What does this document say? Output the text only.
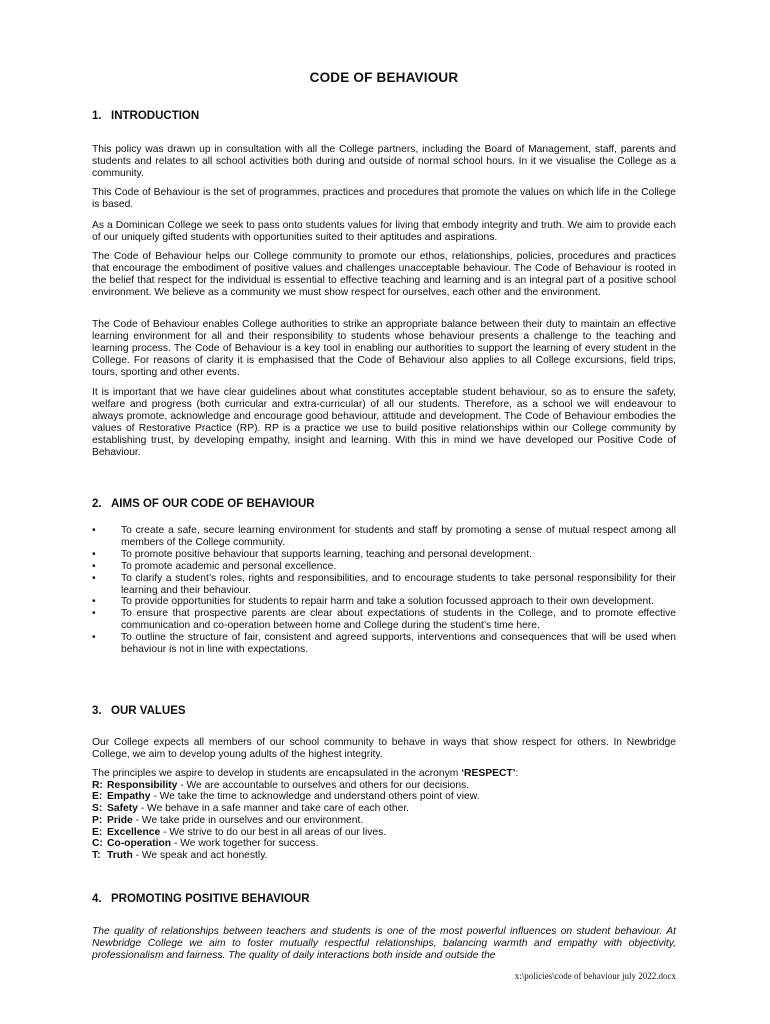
CODE OF BEHAVIOUR
1. INTRODUCTION

This policy was drawn up in consultation with all the College partners, including the Board of Management, staff, parents and students and relates to all school activities both during and outside of normal school hours. In it we visualise the College as a community.

This Code of Behaviour is the set of programmes, practices and procedures that promote the values on which life in the College is based.

As a Dominican College we seek to pass onto students values for living that embody integrity and truth. We aim to provide each of our uniquely gifted students with opportunities suited to their aptitudes and aspirations.

The Code of Behaviour helps our College community to promote our ethos, relationships, policies, procedures and practices that encourage the embodiment of positive values and challenges unacceptable behaviour. The Code of Behaviour is rooted in the belief that respect for the individual is essential to effective teaching and learning and is an integral part of a positive school environment. We believe as a community we must show respect for ourselves, each other and the environment.

The Code of Behaviour enables College authorities to strike an appropriate balance between their duty to maintain an effective learning environment for all and their responsibility to students whose behaviour presents a challenge to the teaching and learning process. The Code of Behaviour is a key tool in enabling our authorities to support the learning of every student in the College. For reasons of clarity it is emphasised that the Code of Behaviour also applies to all College excursions, field trips, tours, sporting and other events.

It is important that we have clear guidelines about what constitutes acceptable student behaviour, so as to ensure the safety, welfare and progress (both curricular and extra-curricular) of all our students. Therefore, as a school we will endeavour to always promote, acknowledge and encourage good behaviour, attitude and development. The Code of Behaviour embodies the values of Restorative Practice (RP). RP is a practice we use to build positive relationships within our College community by establishing trust, by developing empathy, insight and learning. With this in mind we have developed our Positive Code of Behaviour.

2. AIMS OF OUR CODE OF BEHAVIOUR
• To create a safe, secure learning environment for students and staff by promoting a sense of mutual respect among all members of the College community.
• To promote positive behaviour that supports learning, teaching and personal development.
• To promote academic and personal excellence.
• To clarify a student’s roles, rights and responsibilities, and to encourage students to take personal responsibility for their learning and their behaviour.
• To provide opportunities for students to repair harm and take a solution focussed approach to their own development.
• To ensure that prospective parents are clear about expectations of students in the College, and to promote effective communication and co-operation between home and College during the student’s time here.
• To outline the structure of fair, consistent and agreed supports, interventions and consequences that will be used when behaviour is not in line with expectations.
3. OUR VALUES

Our College expects all members of our school community to behave in ways that show respect for others. In Newbridge College, we aim to develop young adults of the highest integrity.

The principles we aspire to develop in students are encapsulated in the acronym ‘RESPECT’:
R: Responsibility - We are accountable to ourselves and others for our decisions.
E: Empathy - We take the time to acknowledge and understand others point of view.
S: Safety - We behave in a safe manner and take care of each other.
P: Pride - We take pride in ourselves and our environment.
E: Excellence - We strive to do our best in all areas of our lives.
C: Co-operation - We work together for success.
T: Truth - We speak and act honestly.
4. PROMOTING POSITIVE BEHAVIOUR

The quality of relationships between teachers and students is one of the most powerful influences on student behaviour. At Newbridge College we aim to foster mutually respectful relationships, balancing warmth and empathy with objectivity, professionalism and fairness. The quality of daily interactions both inside and outside the

x:\policies\code of behaviour july 2022.docx
